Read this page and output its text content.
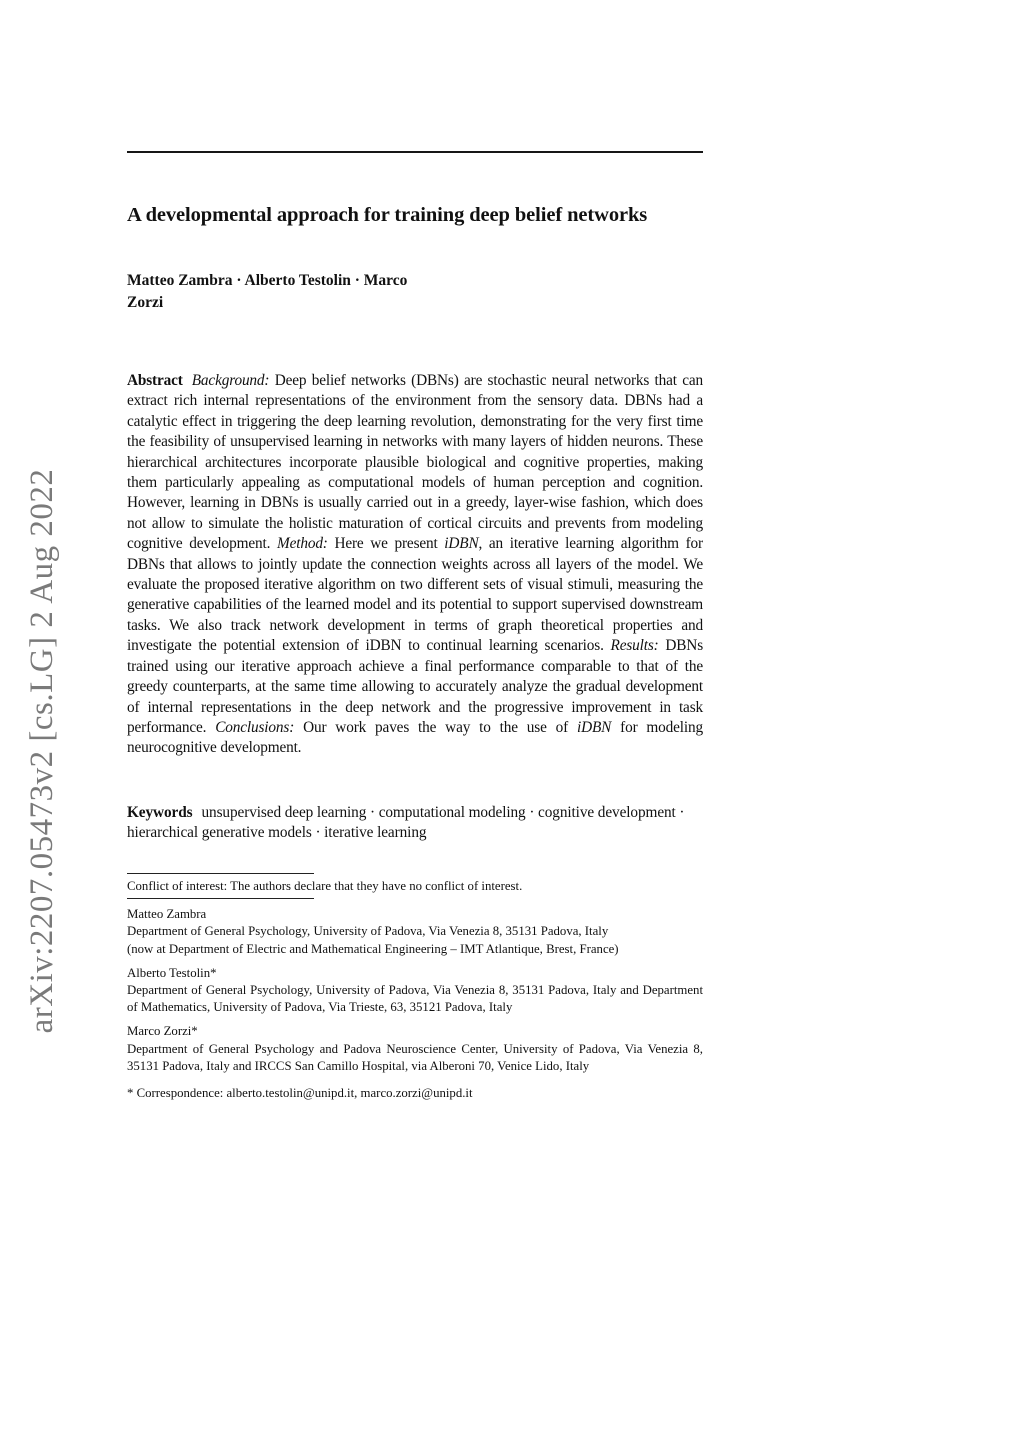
arXiv:2207.05473v2 [cs.LG] 2 Aug 2022
A developmental approach for training deep belief networks
Matteo Zambra · Alberto Testolin · Marco
Zorzi

Abstract Background: Deep belief networks (DBNs) are stochastic neural networks that can extract rich internal representations of the environment from the sensory data. DBNs had a catalytic effect in triggering the deep learning revolution, demonstrating for the very first time the feasibility of unsupervised learning in networks with many layers of hidden neurons. These hierarchical architectures incorporate plausible biological and cognitive properties, making them particularly appealing as computational models of human perception and cognition. However, learning in DBNs is usually carried out in a greedy, layer-wise fashion, which does not allow to simulate the holistic maturation of cortical circuits and prevents from modeling cognitive development. Method: Here we present iDBN, an iterative learning algorithm for DBNs that allows to jointly update the connection weights across all layers of the model. We evaluate the proposed iterative algorithm on two different sets of visual stimuli, measuring the generative capabilities of the learned model and its potential to support supervised downstream tasks. We also track network development in terms of graph theoretical properties and investigate the potential extension of iDBN to continual learning scenarios. Results: DBNs trained using our iterative approach achieve a final performance comparable to that of the greedy counterparts, at the same time allowing to accurately analyze the gradual development of internal representations in the deep network and the progressive improvement in task performance. Conclusions: Our work paves the way to the use of iDBN for modeling neurocognitive development.

Keywords unsupervised deep learning · computational modeling · cognitive development · hierarchical generative models · iterative learning

Conflict of interest: The authors declare that they have no conflict of interest.

Matteo Zambra
Department of General Psychology, University of Padova, Via Venezia 8, 35131 Padova, Italy
(now at Department of Electric and Mathematical Engineering – IMT Atlantique, Brest, France)
Alberto Testolin*
Department of General Psychology, University of Padova, Via Venezia 8, 35131 Padova, Italy and Department of Mathematics, University of Padova, Via Trieste, 63, 35121 Padova, Italy
Marco Zorzi*
Department of General Psychology and Padova Neuroscience Center, University of Padova, Via Venezia 8, 35131 Padova, Italy and IRCCS San Camillo Hospital, via Alberoni 70, Venice Lido, Italy

* Correspondence: alberto.testolin@unipd.it, marco.zorzi@unipd.it
